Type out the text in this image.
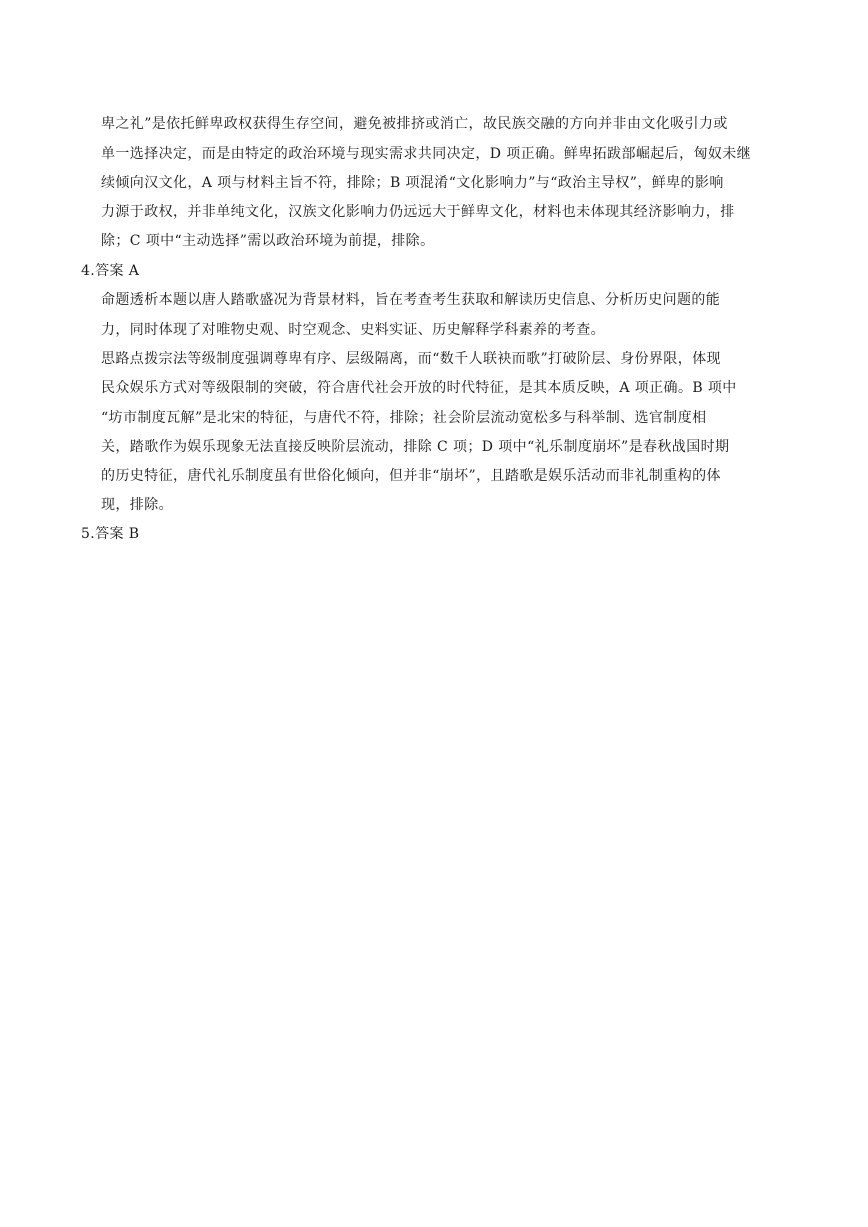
卑之礼”是依托鲜卑政权获得生存空间，避免被排挤或消亡，故民族交融的方向并非由文化吸引力或
单一选择决定，而是由特定的政治环境与现实需求共同决定，D 项正确。鲜卑拓跋部崛起后，匈奴未继
续倾向汉文化，A 项与材料主旨不符，排除；B 项混淆“文化影响力”与“政治主导权”，鲜卑的影响
力源于政权，并非单纯文化，汉族文化影响力仍远远大于鲜卑文化，材料也未体现其经济影响力，排
除；C 项中“主动选择”需以政治环境为前提，排除。
4.答案 A
命题透析本题以唐人踏歌盛况为背景材料，旨在考查考生获取和解读历史信息、分析历史问题的能
力，同时体现了对唯物史观、时空观念、史料实证、历史解释学科素养的考查。
思路点拨宗法等级制度强调尊卑有序、层级隔离，而“数千人联袂而歌”打破阶层、身份界限，体现
民众娱乐方式对等级限制的突破，符合唐代社会开放的时代特征，是其本质反映，A 项正确。B 项中
“坊市制度瓦解”是北宋的特征，与唐代不符，排除；社会阶层流动宽松多与科举制、选官制度相
关，踏歌作为娱乐现象无法直接反映阶层流动，排除 C 项；D 项中“礼乐制度崩坏”是春秋战国时期
的历史特征，唐代礼乐制度虽有世俗化倾向，但并非“崩坏”，且踏歌是娱乐活动而非礼制重构的体
现，排除。
5.答案 B
